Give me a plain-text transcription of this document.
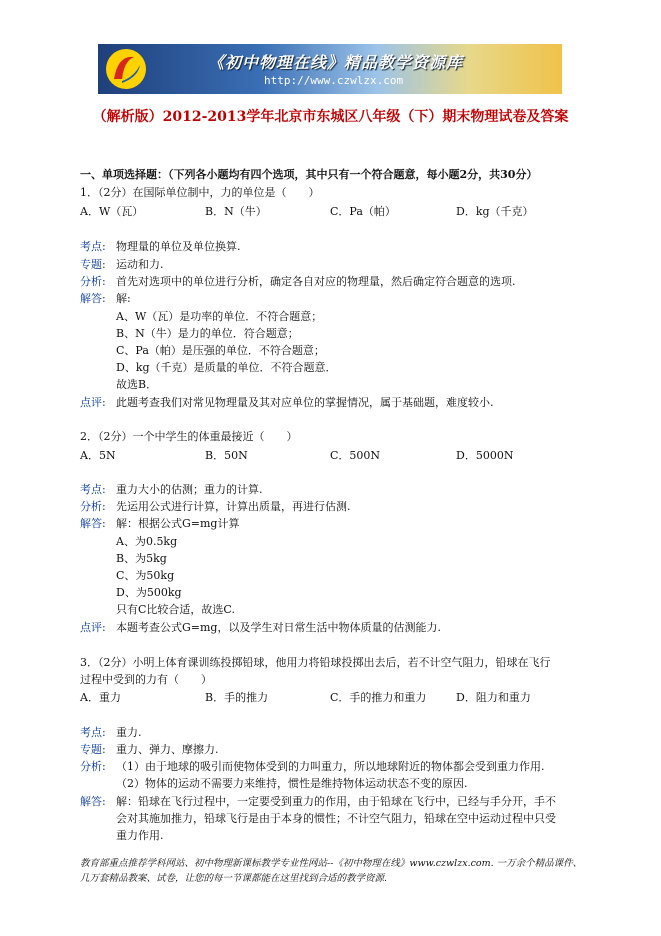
《初中物理在线》精品教学资源库
http://www.czwlzx.com
（解析版）2012-2013学年北京市东城区八年级（下）期末物理试卷及答案
一、单项选择题：（下列各小题均有四个选项，其中只有一个符合题意，每小题2分，共30分）
1．（2分）在国际单位制中，力的单位是（　　）
A．W（瓦）	B．N（牛）	C．Pa（帕）	D．kg（千克）
考点: 物理量的单位及单位换算.
专题: 运动和力.
分析: 首先对选项中的单位进行分析，确定各自对应的物理量，然后确定符合题意的选项.
解答: 解:
A、W（瓦）是功率的单位．不符合题意；
B、N（牛）是力的单位．符合题意；
C、Pa（帕）是压强的单位．不符合题意；
D、kg（千克）是质量的单位．不符合题意．
故选B．
点评: 此题考查我们对常见物理量及其对应单位的掌握情况，属于基础题，难度较小.
2．（2分）一个中学生的体重最接近（　　）
A．5N	B．50N	C．500N	D．5000N
考点: 重力大小的估测；重力的计算.
分析: 先运用公式进行计算，计算出质量，再进行估测.
解答: 解：根据公式G=mg计算
A、为0.5kg
B、为5kg
C、为50kg
D、为500kg
只有C比较合适，故选C.
点评: 本题考查公式G=mg，以及学生对日常生活中物体质量的估测能力.
3．（2分）小明上体育课训练投掷铅球，他用力将铅球投掷出去后，若不计空气阻力，铅球在飞行
过程中受到的力有（　　）
A．重力	B．手的推力	C．手的推力和重力	D．阻力和重力
考点: 重力.
专题: 重力、弹力、摩擦力.
分析: （1）由于地球的吸引而使物体受到的力叫重力，所以地球附近的物体都会受到重力作用.
（2）物体的运动不需要力来维持，惯性是维持物体运动状态不变的原因.
解答: 解：铅球在飞行过程中，一定要受到重力的作用，由于铅球在飞行中，已经与手分开，手不
会对其施加推力，铅球飞行是由于本身的惯性；不计空气阻力，铅球在空中运动过程中只受
重力作用.
教育部重点推荐学科网站、初中物理新课标教学专业性网站--《初中物理在线》www.czwlzx.com. 一万余个精品课件、几万套精品教案、试卷，让您的每一节课都能在这里找到合适的教学资源.
